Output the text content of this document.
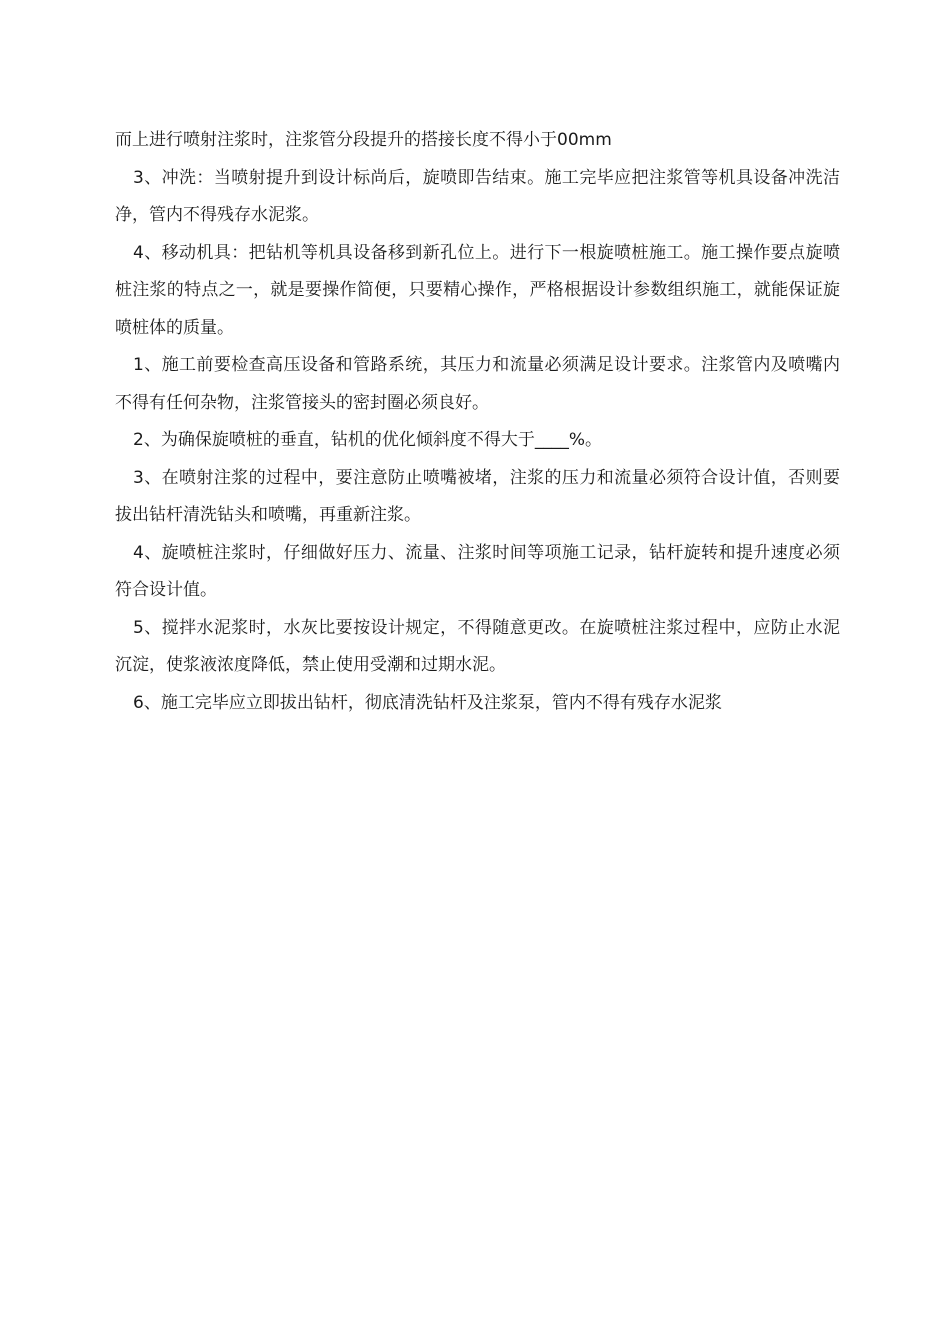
而上进行喷射注浆时，注浆管分段提升的搭接长度不得小于00mm

3、冲洗：当喷射提升到设计标尚后，旋喷即告结束。施工完毕应把注浆管等机具设备冲洗洁净，管内不得残存水泥浆。

4、移动机具：把钻机等机具设备移到新孔位上。进行下一根旋喷桩施工。施工操作要点旋喷桩注浆的特点之一，就是要操作简便，只要精心操作，严格根据设计参数组织施工，就能保证旋喷桩体的质量。

1、施工前要检查高压设备和管路系统，其压力和流量必须满足设计要求。注浆管内及喷嘴内不得有任何杂物，注浆管接头的密封圈必须良好。

2、为确保旋喷桩的垂直，钻机的优化倾斜度不得大于____%。

3、在喷射注浆的过程中，要注意防止喷嘴被堵，注浆的压力和流量必须符合设计值，否则要拔出钻杆清洗钻头和喷嘴，再重新注浆。

4、旋喷桩注浆时，仔细做好压力、流量、注浆时间等项施工记录，钻杆旋转和提升速度必须符合设计值。

5、搅拌水泥浆时，水灰比要按设计规定，不得随意更改。在旋喷桩注浆过程中，应防止水泥沉淀，使浆液浓度降低，禁止使用受潮和过期水泥。

6、施工完毕应立即拔出钻杆，彻底清洗钻杆及注浆泵，管内不得有残存水泥浆
